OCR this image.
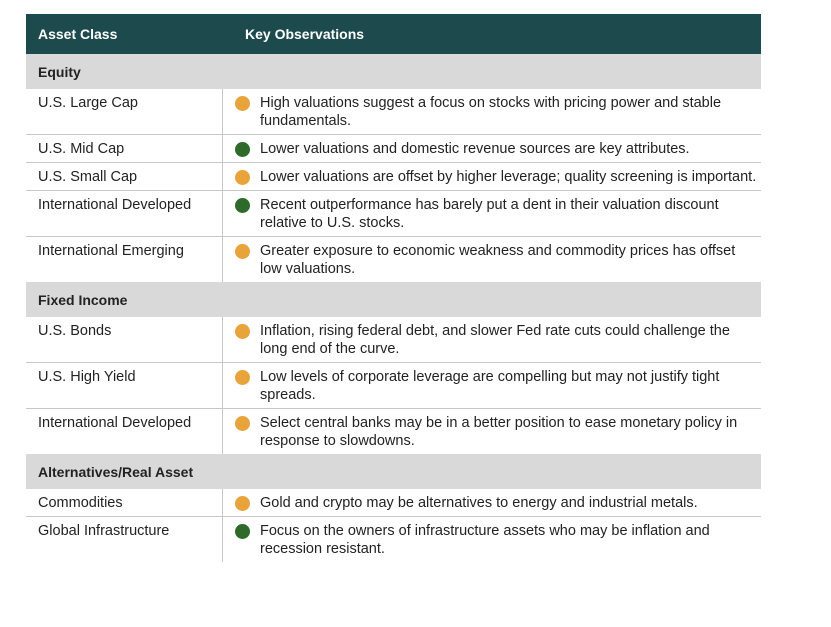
Asset Class	Key Observations
Equity
U.S. Large Cap	High valuations suggest a focus on stocks with pricing power and stable fundamentals.
U.S. Mid Cap	Lower valuations and domestic revenue sources are key attributes.
U.S. Small Cap	Lower valuations are offset by higher leverage; quality screening is important.
International Developed	Recent outperformance has barely put a dent in their valuation discount relative to U.S. stocks.
International Emerging	Greater exposure to economic weakness and commodity prices has offset low valuations.
Fixed Income
U.S. Bonds	Inflation, rising federal debt, and slower Fed rate cuts could challenge the long end of the curve.
U.S. High Yield	Low levels of corporate leverage are compelling but may not justify tight spreads.
International Developed	Select central banks may be in a better position to ease monetary policy in response to slowdowns.
Alternatives/Real Asset
Commodities	Gold and crypto may be alternatives to energy and industrial metals.
Global Infrastructure	Focus on the owners of infrastructure assets who may be inflation and recession resistant.
